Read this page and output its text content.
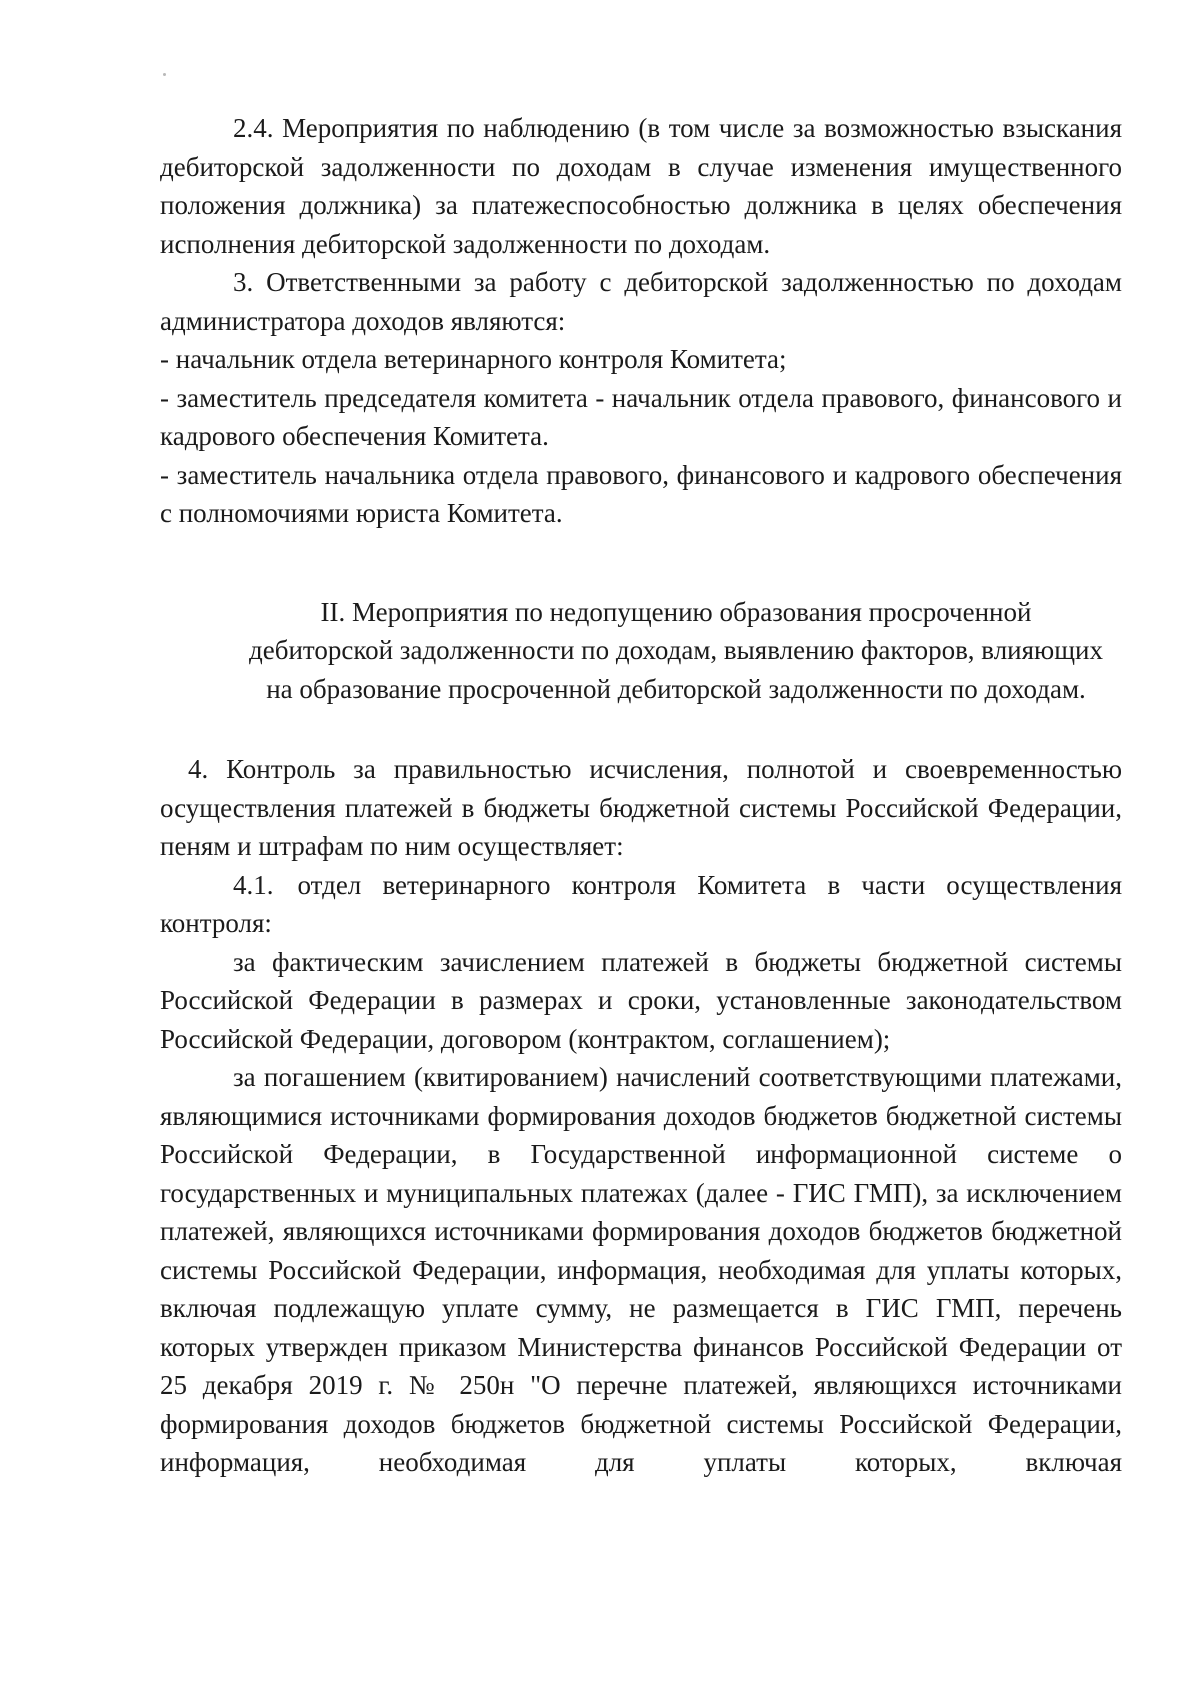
2.4. Мероприятия по наблюдению (в том числе за возможностью взыскания дебиторской задолженности по доходам в случае изменения имущественного положения должника) за платежеспособностью должника в целях обеспечения исполнения дебиторской задолженности по доходам.

3. Ответственными за работу с дебиторской задолженностью по доходам администратора доходов являются:

- начальник отдела ветеринарного контроля Комитета;

- заместитель председателя комитета - начальник отдела правового, финансового и кадрового обеспечения Комитета.

- заместитель начальника отдела правового, финансового и кадрового обеспечения с полномочиями юриста Комитета.

II. Мероприятия по недопущению образования просроченной

дебиторской задолженности по доходам, выявлению факторов, влияющих

на образование просроченной дебиторской задолженности по доходам.

4. Контроль за правильностью исчисления, полнотой и своевременностью осуществления платежей в бюджеты бюджетной системы Российской Федерации, пеням и штрафам по ним осуществляет:

4.1. отдел ветеринарного контроля Комитета в части осуществления контроля:

за фактическим зачислением платежей в бюджеты бюджетной системы Российской Федерации в размерах и сроки, установленные законодательством Российской Федерации, договором (контрактом, соглашением);

за погашением (квитированием) начислений соответствующими платежами, являющимися источниками формирования доходов бюджетов бюджетной системы Российской Федерации, в Государственной информационной системе о государственных и муниципальных платежах (далее - ГИС ГМП), за исключением платежей, являющихся источниками формирования доходов бюджетов бюджетной системы Российской Федерации, информация, необходимая для уплаты которых, включая подлежащую уплате сумму, не размещается в ГИС ГМП, перечень которых утвержден приказом Министерства финансов Российской Федерации от 25 декабря 2019 г. № 250н "О перечне платежей, являющихся источниками формирования доходов бюджетов бюджетной системы Российской Федерации, информация, необходимая для уплаты которых, включая
